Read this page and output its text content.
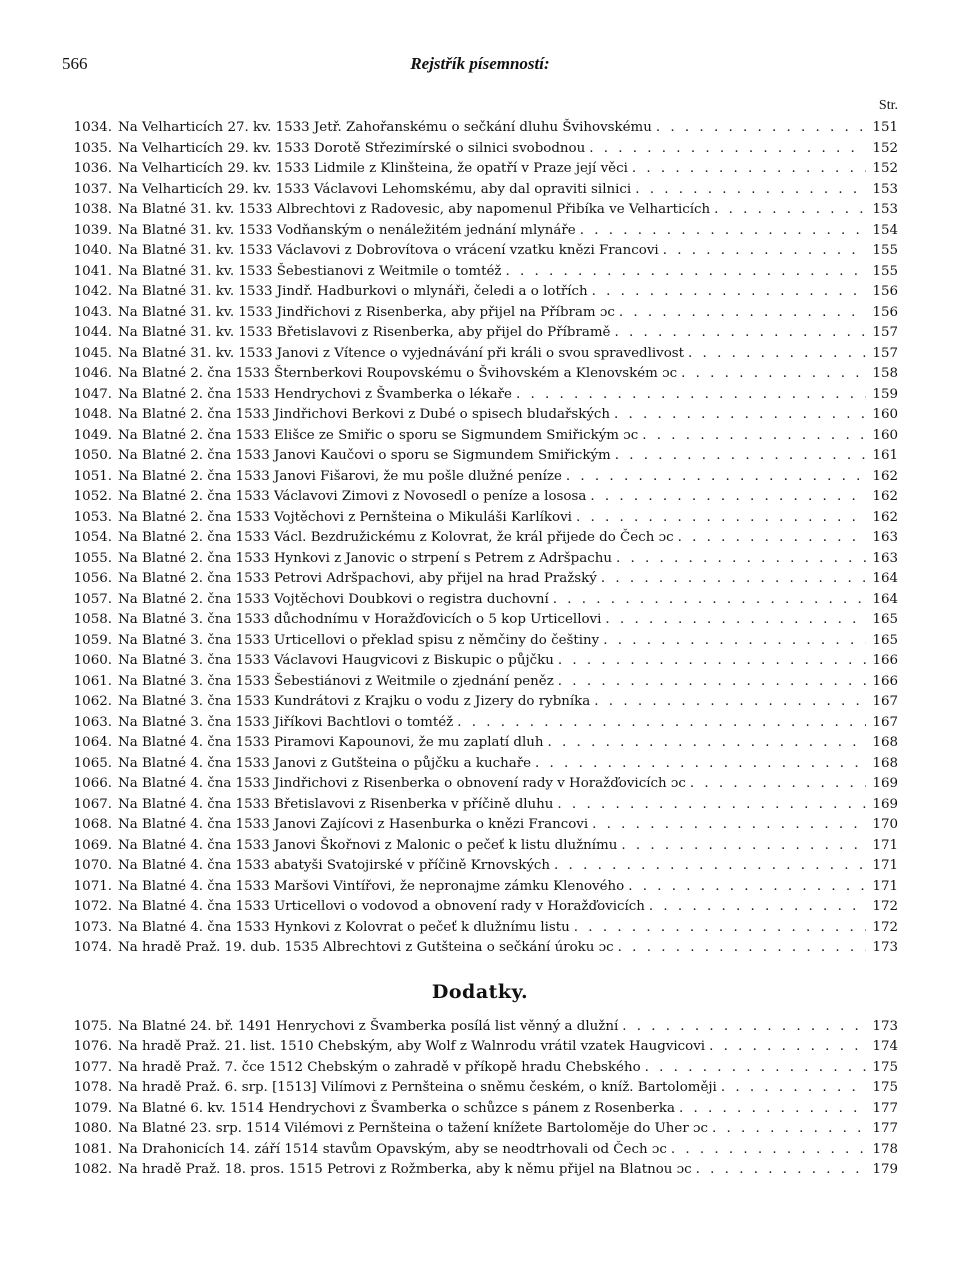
566	Rejstřík písemností:
Str.
1034. Na Velharticích 27. kv. 1533 Jetř. Zahořanskému o sečkání dluhu Švihovskému . . .	151
1035. Na Velharticích 29. kv. 1533 Dorotě Střezimírské o silnici svobodnou . . .	152
1036. Na Velharticích 29. kv. 1533 Lidmile z Klinšteina, že opatří v Praze její věci . . .	152
1037. Na Velharticích 29. kv. 1533 Václavovi Lehomskému, aby dal opraviti silnici . . .	153
1038. Na Blatné 31. kv. 1533 Albrechtovi z Radovesic, aby napomenul Přibíka ve Velharticích . . .	153
1039. Na Blatné 31. kv. 1533 Vodňanským o nenáležitém jednání mlynáře . . .	154
1040. Na Blatné 31. kv. 1533 Václavovi z Dobrovítova o vrácení vzatku knězi Francovi . . .	155
1041. Na Blatné 31. kv. 1533 Šebestianovi z Weitmile o tomtéž . . .	155
1042. Na Blatné 31. kv. 1533 Jindř. Hadburkovi o mlynáři, čeledi a o lotřích . . .	156
1043. Na Blatné 31. kv. 1533 Jindřichovi z Risenberka, aby přijel na Příbram ɔc . . .	156
1044. Na Blatné 31. kv. 1533 Břetislavovi z Risenberka, aby přijel do Příbramě . . .	157
1045. Na Blatné 31. kv. 1533 Janovi z Vítence o vyjednávání při králi o svou spravedlivost . . .	157
1046. Na Blatné 2. čna 1533 Šternberkovi Roupovskému o Švihovském a Klenovském ɔc . . .	158
1047. Na Blatné 2. čna 1533 Hendrychovi z Švamberka o lékaře . . .	159
1048. Na Blatné 2. čna 1533 Jindřichovi Berkovi z Dubé o spisech bludařských . . .	160
1049. Na Blatné 2. čna 1533 Elišce ze Smiřic o sporu se Sigmundem Smiřickým ɔc . . .	160
1050. Na Blatné 2. čna 1533 Janovi Kaučovi o sporu se Sigmundem Smiřickým . . .	161
1051. Na Blatné 2. čna 1533 Janovi Fišarovi, že mu pošle dlužné peníze . . .	162
1052. Na Blatné 2. čna 1533 Václavovi Zimovi z Novosedl o peníze a lososa . . .	162
1053. Na Blatné 2. čna 1533 Vojtěchovi z Pernšteina o Mikuláši Karlíkovi . . .	162
1054. Na Blatné 2. čna 1533 Václ. Bezdružickému z Kolovrat, že král přijede do Čech ɔc . . .	163
1055. Na Blatné 2. čna 1533 Hynkovi z Janovic o strpení s Petrem z Adršpachu . . .	163
1056. Na Blatné 2. čna 1533 Petrovi Adršpachovi, aby přijel na hrad Pražský . . .	164
1057. Na Blatné 2. čna 1533 Vojtěchovi Doubkovi o registra duchovní . . .	164
1058. Na Blatné 3. čna 1533 důchodnímu v Horažďovicích o 5 kop Urticellovi . . .	165
1059. Na Blatné 3. čna 1533 Urticellovi o překlad spisu z němčiny do češtiny . . .	165
1060. Na Blatné 3. čna 1533 Václavovi Haugvicovi z Biskupic o půjčku . . .	166
1061. Na Blatné 3. čna 1533 Šebestiánovi z Weitmile o zjednání peněz . . .	166
1062. Na Blatné 3. čna 1533 Kundrátovi z Krajku o vodu z Jizery do rybníka . . .	167
1063. Na Blatné 3. čna 1533 Jiříkovi Bachtlovi o tomtéž . . .	167
1064. Na Blatné 4. čna 1533 Piramovi Kapounovi, že mu zaplatí dluh . . .	168
1065. Na Blatné 4. čna 1533 Janovi z Gutšteina o půjčku a kuchaře . . .	168
1066. Na Blatné 4. čna 1533 Jindřichovi z Risenberka o obnovení rady v Horažďovicích ɔc . . .	169
1067. Na Blatné 4. čna 1533 Břetislavovi z Risenberka v příčině dluhu . . .	169
1068. Na Blatné 4. čna 1533 Janovi Zajícovi z Hasenburka o knězi Francovi . . .	170
1069. Na Blatné 4. čna 1533 Janovi Škořnovi z Malonic o pečeť k listu dlužnímu . . .	171
1070. Na Blatné 4. čna 1533 abatyši Svatojirské v příčině Krnovských . . .	171
1071. Na Blatné 4. čna 1533 Maršovi Vintířovi, že nepronajme zámku Klenového . . .	171
1072. Na Blatné 4. čna 1533 Urticellovi o vodovod a obnovení rady v Horažďovicích . . .	172
1073. Na Blatné 4. čna 1533 Hynkovi z Kolovrat o pečeť k dlužnímu listu . . .	172
1074. Na hradě Praž. 19. dub. 1535 Albrechtovi z Gutšteina o sečkání úroku ɔc . . .	173
Dodatky.
1075. Na Blatné 24. bř. 1491 Henrychovi z Švamberka posílá list věnný a dlužní . . .	173
1076. Na hradě Praž. 21. list. 1510 Chebským, aby Wolf z Walnrodu vrátil vzatek Haugvicovi . . .	174
1077. Na hradě Praž. 7. čce 1512 Chebským o zahradě v příkopě hradu Chebského . . .	175
1078. Na hradě Praž. 6. srp. [1513] Vilímovi z Pernšteina o sněmu českém, o kníž. Bartoloměji . . .	175
1079. Na Blatné 6. kv. 1514 Hendrychovi z Švamberka o schůzce s pánem z Rosenberka . . .	177
1080. Na Blatné 23. srp. 1514 Vilémovi z Pernšteina o tažení knížete Bartoloměje do Uher ɔc . . .	177
1081. Na Drahonicích 14. září 1514 stavům Opavským, aby se neodtrhovali od Čech ɔc . . .	178
1082. Na hradě Praž. 18. pros. 1515 Petrovi z Rožmberka, aby k němu přijel na Blatnou ɔc . . .	179
